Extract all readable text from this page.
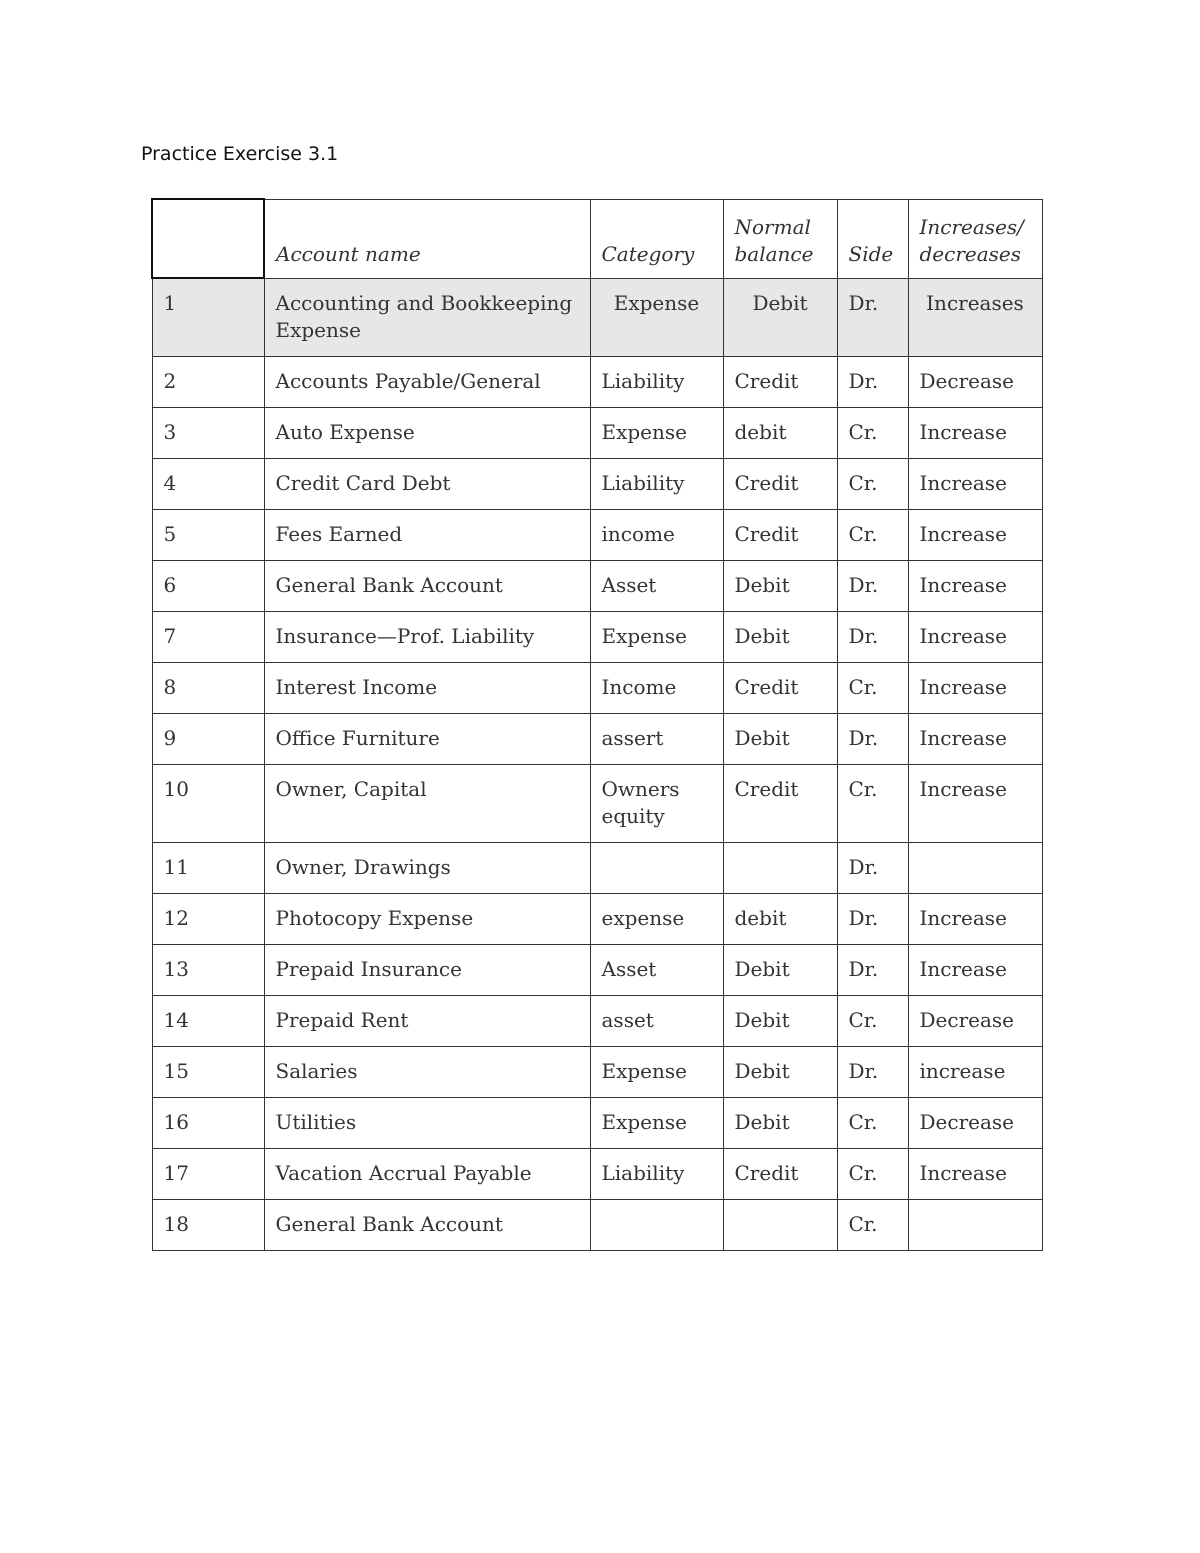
Practice Exercise 3.1
	Account name	Category	Normal balance	Side	Increases/ decreases
1	Accounting and Bookkeeping Expense	Expense	Debit	Dr.	Increases
2	Accounts Payable/General	Liability	Credit	Dr.	Decrease
3	Auto Expense	Expense	debit	Cr.	Increase
4	Credit Card Debt	Liability	Credit	Cr.	Increase
5	Fees Earned	income	Credit	Cr.	Increase
6	General Bank Account	Asset	Debit	Dr.	Increase
7	Insurance—Prof. Liability	Expense	Debit	Dr.	Increase
8	Interest Income	Income	Credit	Cr.	Increase
9	Office Furniture	assert	Debit	Dr.	Increase
10	Owner, Capital	Owners equity	Credit	Cr.	Increase
11	Owner, Drawings			Dr.	
12	Photocopy Expense	expense	debit	Dr.	Increase
13	Prepaid Insurance	Asset	Debit	Dr.	Increase
14	Prepaid Rent	asset	Debit	Cr.	Decrease
15	Salaries	Expense	Debit	Dr.	increase
16	Utilities	Expense	Debit	Cr.	Decrease
17	Vacation Accrual Payable	Liability	Credit	Cr.	Increase
18	General Bank Account			Cr.	
